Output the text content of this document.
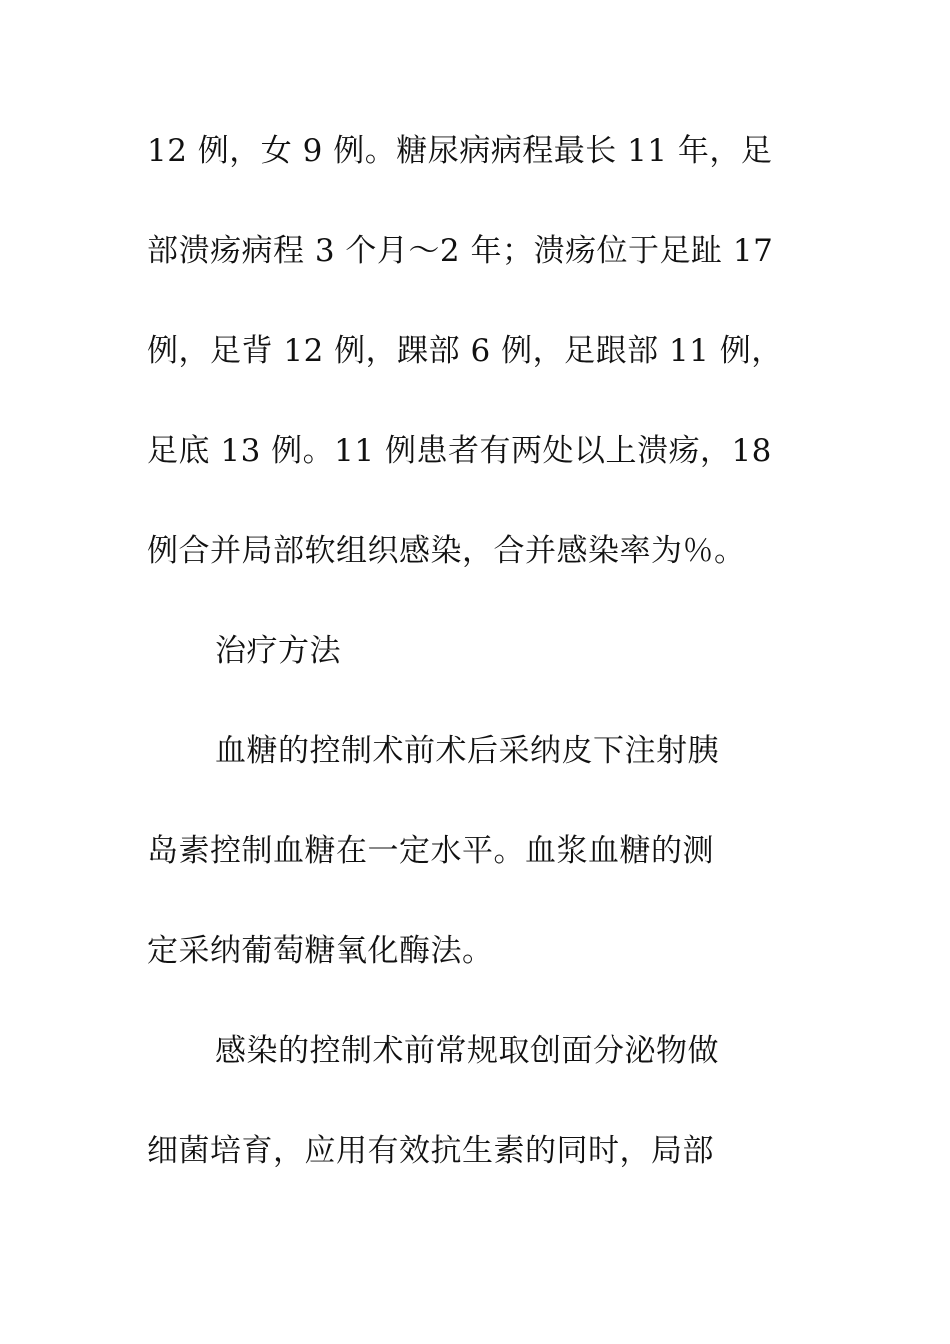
12 例，女 9 例。糖尿病病程最长 11 年，足

部溃疡病程 3 个月～2 年；溃疡位于足趾 17

例，足背 12 例，踝部 6 例，足跟部 11 例，

足底 13 例。11 例患者有两处以上溃疡，18

例合并局部软组织感染，合并感染率为％。

治疗方法

血糖的控制术前术后采纳皮下注射胰

岛素控制血糖在一定水平。血浆血糖的测

定采纳葡萄糖氧化酶法。

感染的控制术前常规取创面分泌物做

细菌培育，应用有效抗生素的同时，局部
